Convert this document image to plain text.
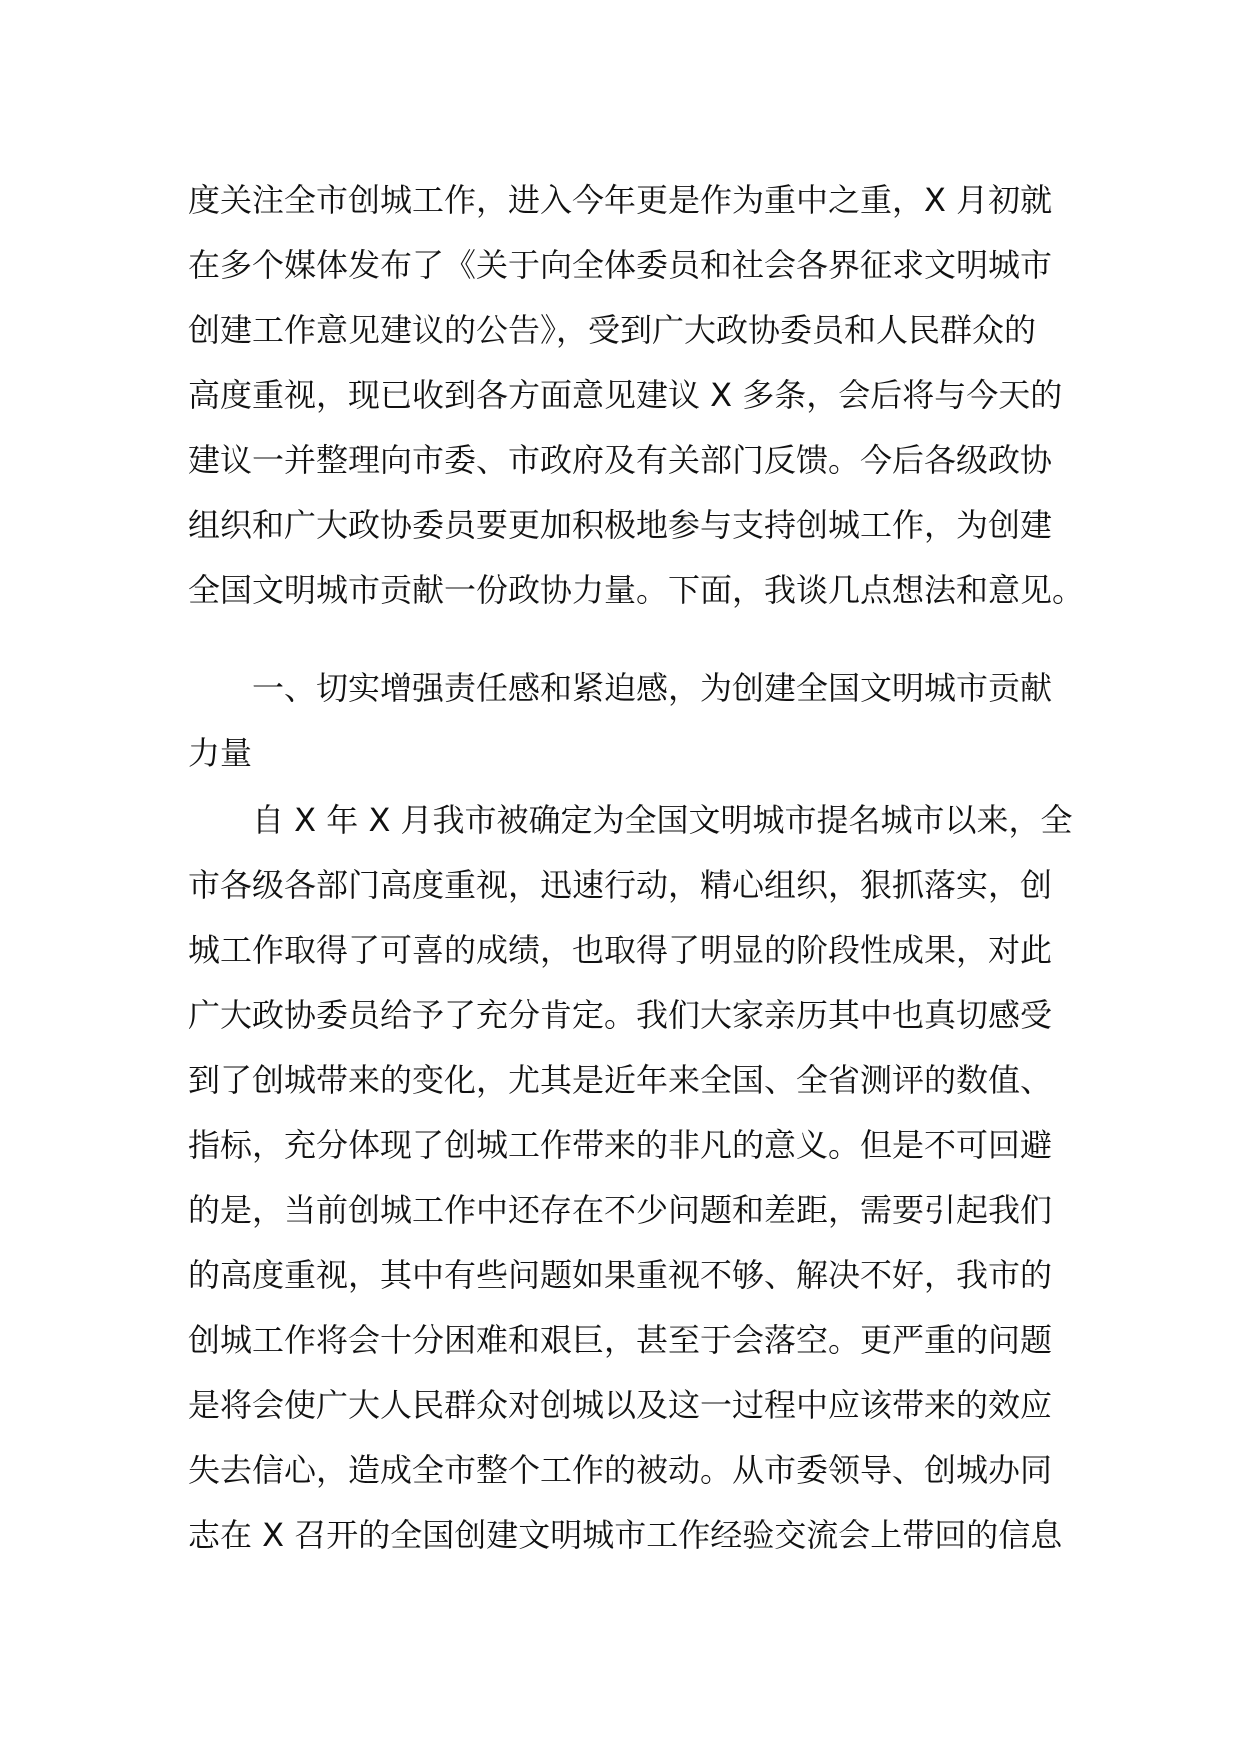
度关注全市创城工作，进入今年更是作为重中之重，X 月初就
在多个媒体发布了《关于向全体委员和社会各界征求文明城市
创建工作意见建议的公告》，受到广大政协委员和人民群众的
高度重视，现已收到各方面意见建议 X 多条，会后将与今天的
建议一并整理向市委、市政府及有关部门反馈。今后各级政协
组织和广大政协委员要更加积极地参与支持创城工作，为创建
全国文明城市贡献一份政协力量。下面，我谈几点想法和意见。
一、切实增强责任感和紧迫感，为创建全国文明城市贡献
力量
自 X 年 X 月我市被确定为全国文明城市提名城市以来，全
市各级各部门高度重视，迅速行动，精心组织，狠抓落实，创
城工作取得了可喜的成绩，也取得了明显的阶段性成果，对此
广大政协委员给予了充分肯定。我们大家亲历其中也真切感受
到了创城带来的变化，尤其是近年来全国、全省测评的数值、
指标，充分体现了创城工作带来的非凡的意义。但是不可回避
的是，当前创城工作中还存在不少问题和差距，需要引起我们
的高度重视，其中有些问题如果重视不够、解决不好，我市的
创城工作将会十分困难和艰巨，甚至于会落空。更严重的问题
是将会使广大人民群众对创城以及这一过程中应该带来的效应
失去信心，造成全市整个工作的被动。从市委领导、创城办同
志在 X 召开的全国创建文明城市工作经验交流会上带回的信息
